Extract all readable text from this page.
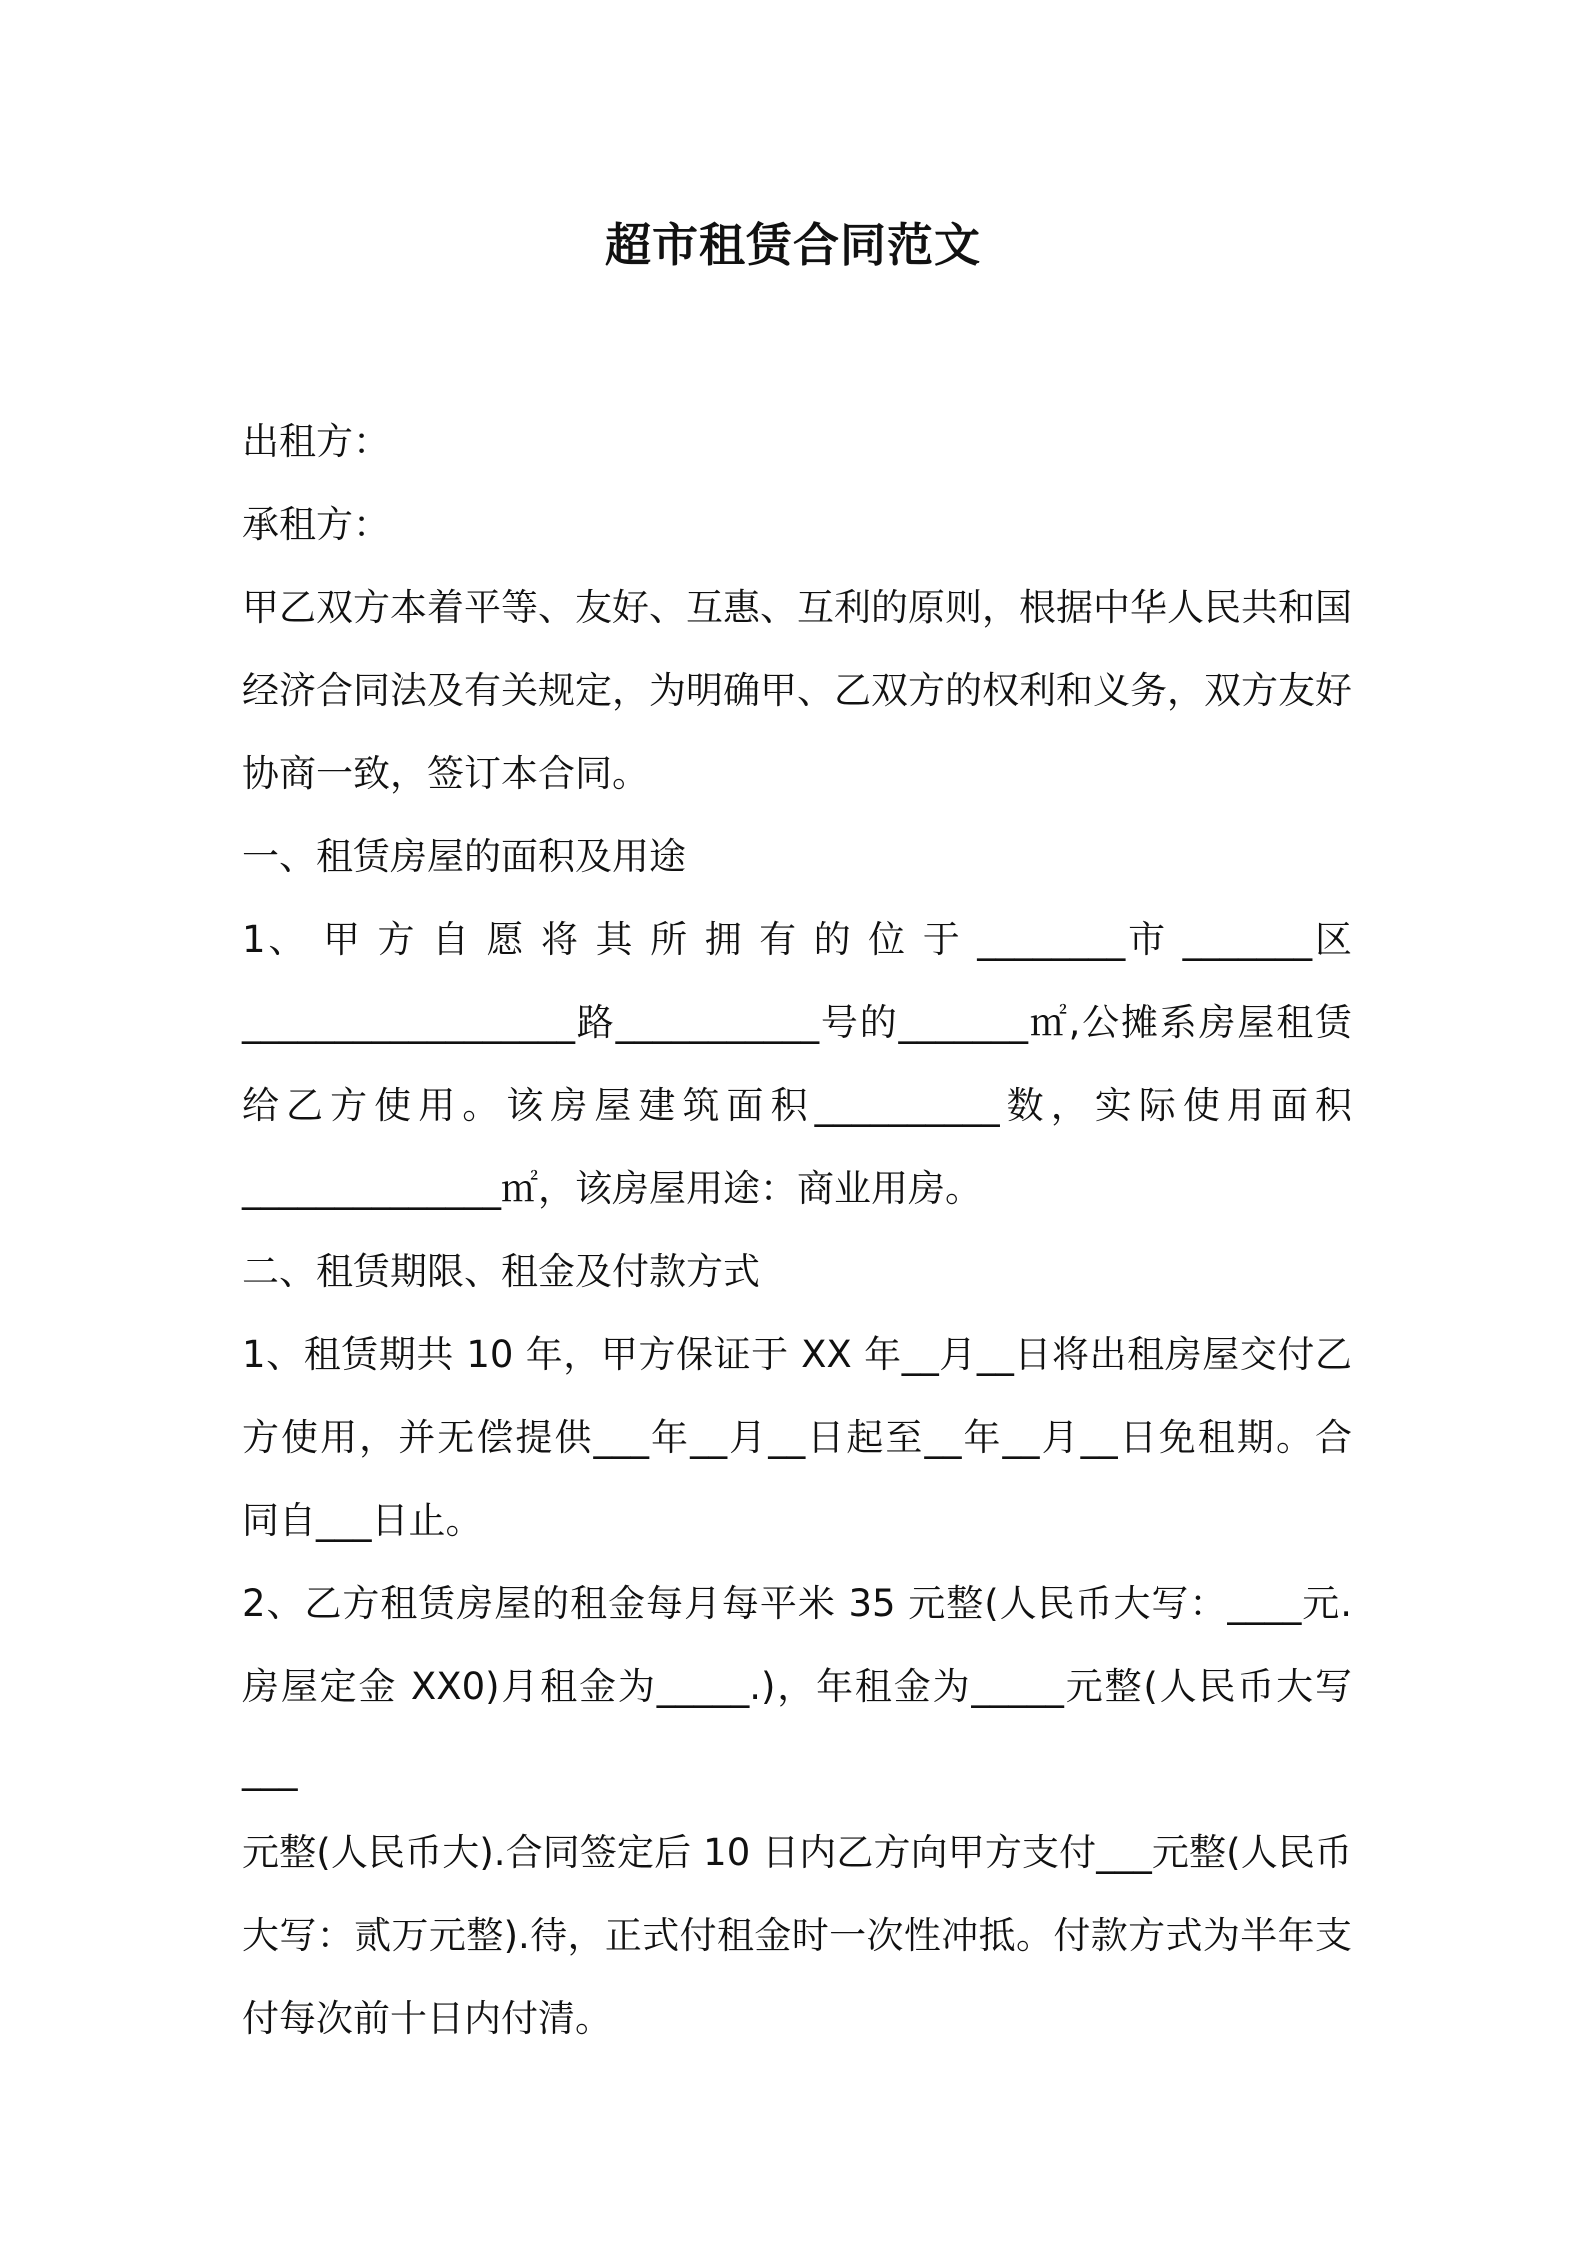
超市租赁合同范文

出租方：

承租方：

甲乙双方本着平等、友好、互惠、互利的原则，根据中华人民共和国

经济合同法及有关规定，为明确甲、乙双方的权利和义务，双方友好

协商一致，签订本合同。

一、租赁房屋的面积及用途

1、 甲 方 自 愿 将 其 所 拥 有 的 位 于 ________市 _______区

__________________路___________号的_______㎡,公摊系房屋租赁

给乙方使用。该房屋建筑面积__________数，实际使用面积

______________㎡，该房屋用途：商业用房。

二、租赁期限、租金及付款方式

1、租赁期共 10 年，甲方保证于 XX 年__月__日将出租房屋交付乙

方使用，并无偿提供___年__月__日起至__年__月__日免租期。合

同自___日止。

2、乙方租赁房屋的租金每月每平米 35 元整(人民币大写：____元.

房屋定金 XX0)月租金为_____.)，年租金为_____元整(人民币大写___

元整(人民币大).合同签定后 10 日内乙方向甲方支付___元整(人民币

大写：贰万元整).待，正式付租金时一次性冲抵。付款方式为半年支

付每次前十日内付清。
